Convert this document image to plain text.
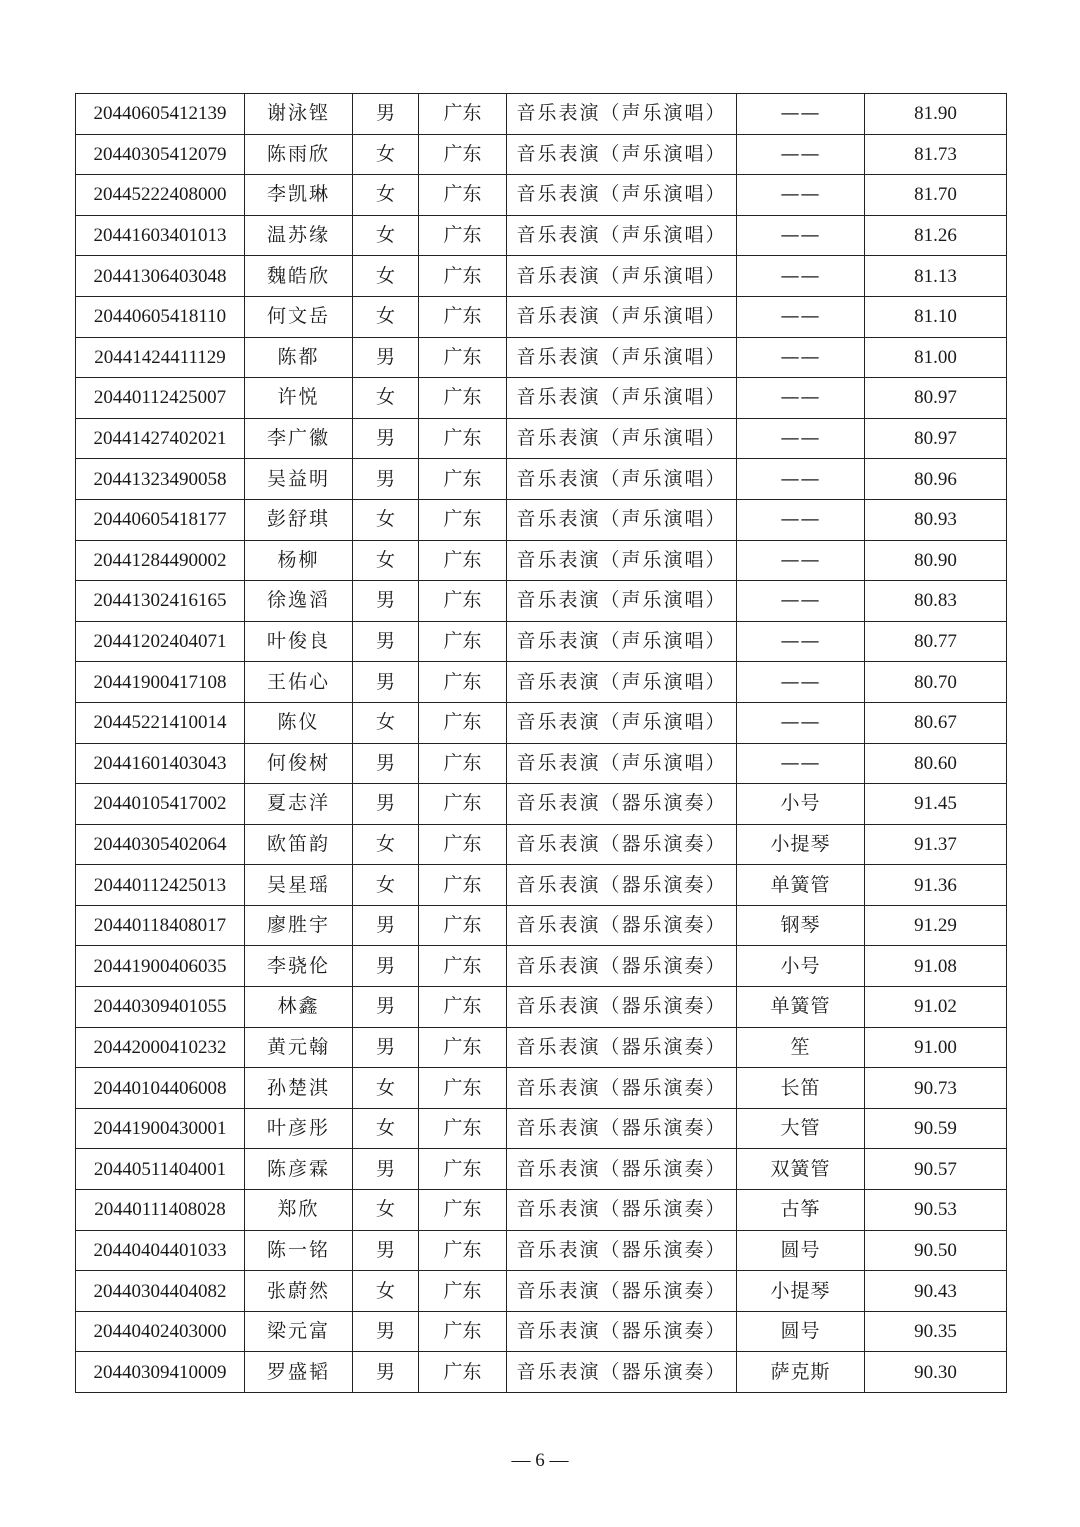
20440605412139	谢泳铿	男	广东	音乐表演（声乐演唱）	——	81.90
20440305412079	陈雨欣	女	广东	音乐表演（声乐演唱）	——	81.73
20445222408000	李凯琳	女	广东	音乐表演（声乐演唱）	——	81.70
20441603401013	温苏缘	女	广东	音乐表演（声乐演唱）	——	81.26
20441306403048	魏皓欣	女	广东	音乐表演（声乐演唱）	——	81.13
20440605418110	何文岳	女	广东	音乐表演（声乐演唱）	——	81.10
20441424411129	陈都	男	广东	音乐表演（声乐演唱）	——	81.00
20440112425007	许悦	女	广东	音乐表演（声乐演唱）	——	80.97
20441427402021	李广徽	男	广东	音乐表演（声乐演唱）	——	80.97
20441323490058	吴益明	男	广东	音乐表演（声乐演唱）	——	80.96
20440605418177	彭舒琪	女	广东	音乐表演（声乐演唱）	——	80.93
20441284490002	杨柳	女	广东	音乐表演（声乐演唱）	——	80.90
20441302416165	徐逸滔	男	广东	音乐表演（声乐演唱）	——	80.83
20441202404071	叶俊良	男	广东	音乐表演（声乐演唱）	——	80.77
20441900417108	王佑心	男	广东	音乐表演（声乐演唱）	——	80.70
20445221410014	陈仪	女	广东	音乐表演（声乐演唱）	——	80.67
20441601403043	何俊树	男	广东	音乐表演（声乐演唱）	——	80.60
20440105417002	夏志洋	男	广东	音乐表演（器乐演奏）	小号	91.45
20440305402064	欧笛韵	女	广东	音乐表演（器乐演奏）	小提琴	91.37
20440112425013	吴星瑶	女	广东	音乐表演（器乐演奏）	单簧管	91.36
20440118408017	廖胜宇	男	广东	音乐表演（器乐演奏）	钢琴	91.29
20441900406035	李骁伦	男	广东	音乐表演（器乐演奏）	小号	91.08
20440309401055	林鑫	男	广东	音乐表演（器乐演奏）	单簧管	91.02
20442000410232	黄元翰	男	广东	音乐表演（器乐演奏）	笙	91.00
20440104406008	孙楚淇	女	广东	音乐表演（器乐演奏）	长笛	90.73
20441900430001	叶彦彤	女	广东	音乐表演（器乐演奏）	大管	90.59
20440511404001	陈彦霖	男	广东	音乐表演（器乐演奏）	双簧管	90.57
20440111408028	郑欣	女	广东	音乐表演（器乐演奏）	古筝	90.53
20440404401033	陈一铭	男	广东	音乐表演（器乐演奏）	圆号	90.50
20440304404082	张蔚然	女	广东	音乐表演（器乐演奏）	小提琴	90.43
20440402403000	梁元富	男	广东	音乐表演（器乐演奏）	圆号	90.35
20440309410009	罗盛韬	男	广东	音乐表演（器乐演奏）	萨克斯	90.30
— 6 —
